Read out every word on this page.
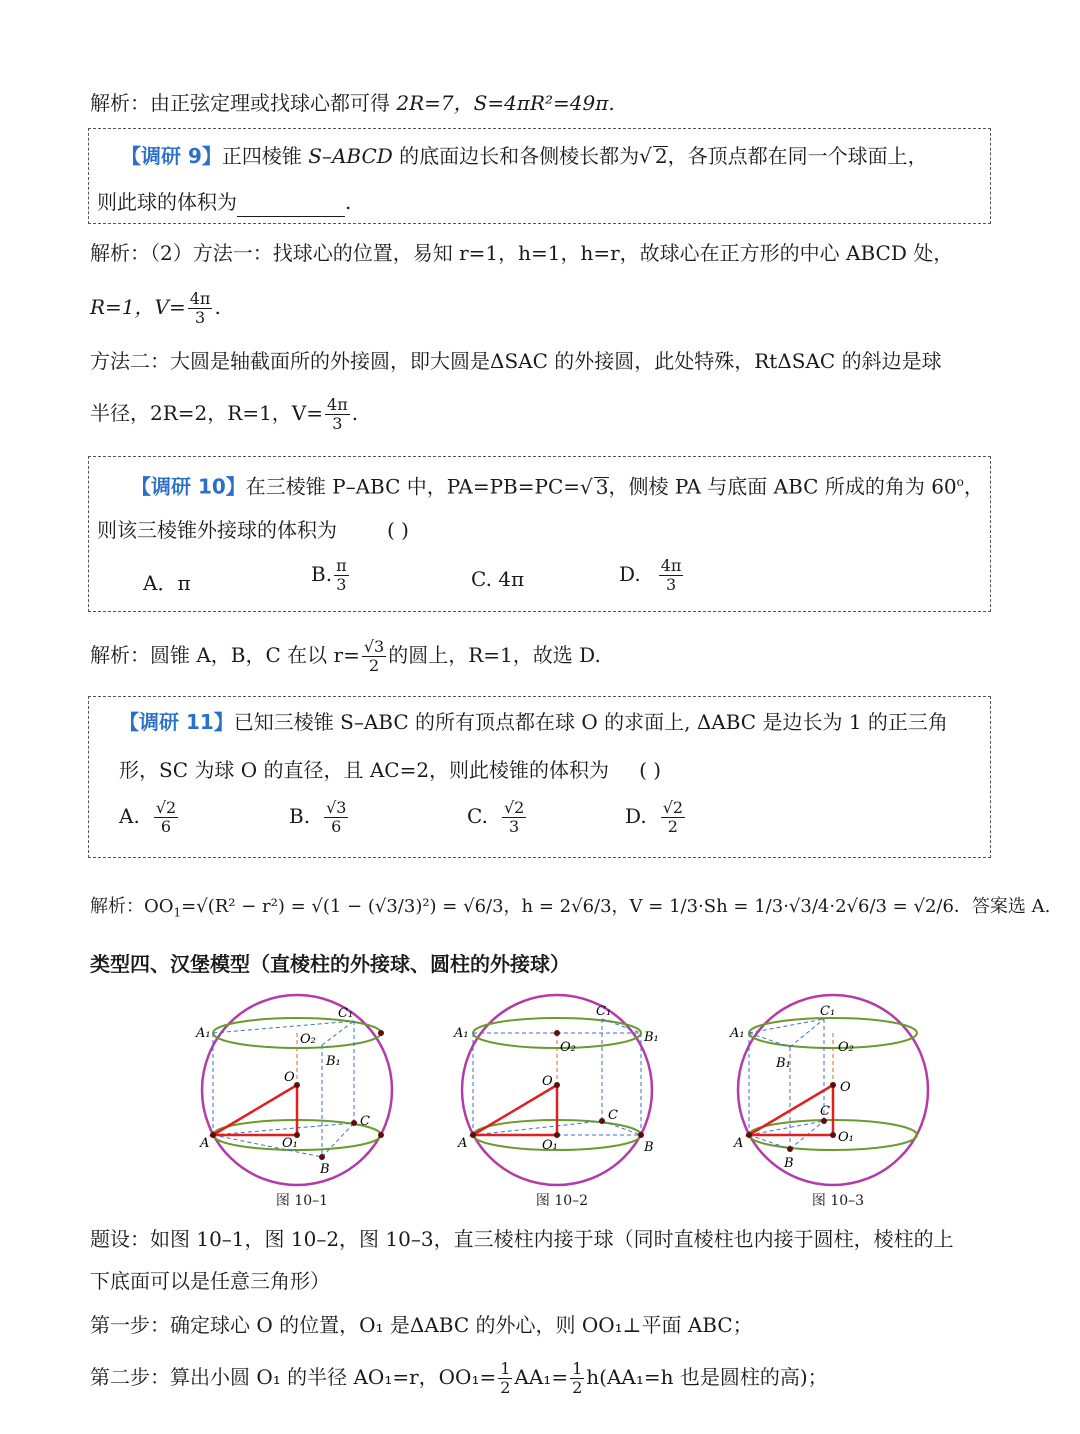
解析：由正弦定理或找球心都可得 2R=7，S=4πR²=49π.
【调研 9】正四棱锥 S–ABCD 的底面边长和各侧棱长都为 √ 2，各顶点都在同一个球面上，
则此球的体积为	.
解析：（2）方法一：找球心的位置，易知 r=1，h=1，h=r，故球心在正方形的中心 ABCD 处，
R=1，$V= \frac{4\pi}{3}$ .
方法二：大圆是轴截面所的外接圆，即大圆是ΔSAC 的外接圆，此处特殊，RtΔSAC 的斜边是球
半径，2R=2，R=1，$V= \frac{4\pi}{3}$ .
【调研 10】在三棱锥 P–ABC 中，PA=PB=PC= √ 3，侧棱 PA 与底面 ABC 所成的角为 60$^o$，
则该三棱锥外接球的体积为	( )
A．π	B. $\frac{\pi}{3}$	C. 4π	D. $\frac{4\pi}{3}$
解析：圆锥 A，B，C 在以 $r= \frac{√3}{2}$ 的圆上，R=1，故选 D.
【调研 11】已知三棱锥 S–ABC 的所有顶点都在球 O 的求面上, ΔABC 是边长为 1 的正三角
形，SC 为球 O 的直径，且 AC=2，则此棱锥的体积为 ( )
A. $\frac{√2}{6}$	B. $\frac{√3}{6}$	C. $\frac{√2}{3}$	D. $\frac{√2}{2}$
解析：$OO_1=√(R^2 - r^2) = √(1 - (√3/3)^2) = √6/3$，h = 2√6/3，V = 1/3·Sh = 1/3·√3/4·2√6/3 = √2/6．答案选 A.
类型四、汉堡模型（直棱柱的外接球、圆柱的外接球）
A₁
C₁
O₂
B₁
O
C
A	O₁
B
图 10–1
A₁
C₁
B₁
O₂
O
C
A	O₁	B
图 10–2
A₁
C₁
O₂
B₁
O
C
O₁
A
B
图 10–3
题设：如图 10–1，图 10–2，图 10–3，直三棱柱内接于球（同时直棱柱也内接于圆柱，棱柱的上
下底面可以是任意三角形）
第一步：确定球心 O 的位置，O₁ 是ΔABC 的外心，则 OO₁⊥平面 ABC；
第二步：算出小圆 O₁ 的半径 AO₁=r，$OO_1= \frac{1}{2} AA_1= \frac{1}{2} h(AA_1=h$ 也是圆柱的高)；
